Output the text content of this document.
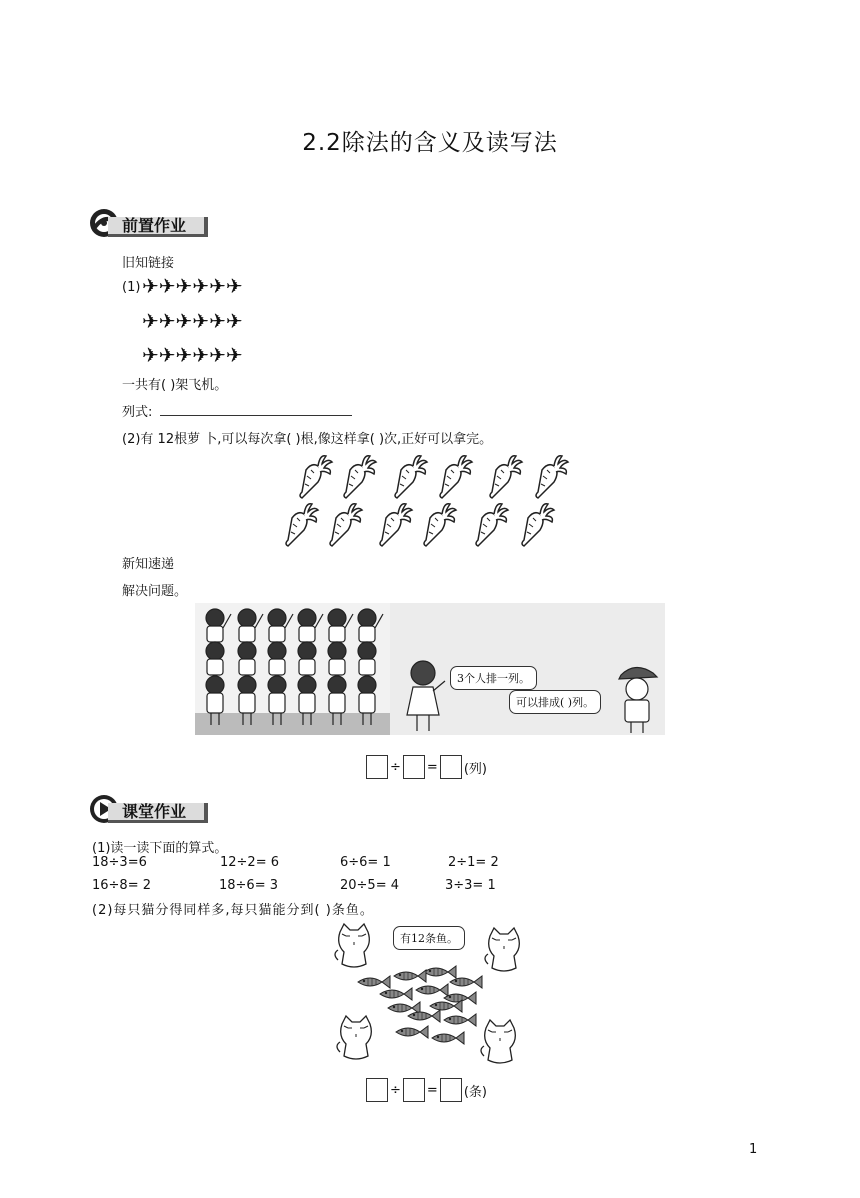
2.2除法的含义及读写法
前置作业
旧知链接
(1) ✈✈✈✈✈✈
✈✈✈✈✈✈
✈✈✈✈✈✈
一共有( )架飞机。
列式:
(2)有 12根萝 卜,可以每次拿( )根,像这样拿( )次,正好可以拿完。
新知速递
解决问题。
3个人排一列。
可以排成( )列。
÷ = (列)
课堂作业
(1)读一读下面的算式。
18÷3=6	12÷2= 6	6÷6= 1	2÷1= 2
16÷8= 2	18÷6= 3	20÷5= 4	3÷3= 1
(2)每只猫分得同样多,每只猫能分到( )条鱼。
有12条鱼。
÷ = (条)
1
